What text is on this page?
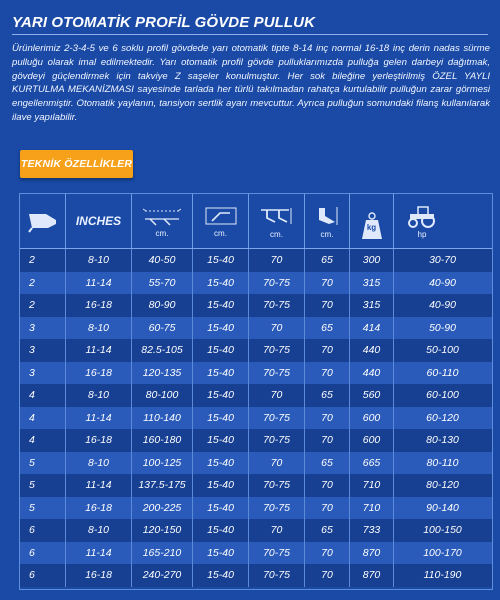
YARI OTOMATİK PROFİL GÖVDE PULLUK
Ürünlerimiz 2-3-4-5 ve 6 soklu profil gövdede yarı otomatik tipte 8-14 inç normal 16-18 inç derin nadas sürme pulluğu olarak imal edilmektedir. Yarı otomatik profil gövde pulluklarımızda pulluğa gelen darbeyi dağıtmak, gövdeyi güçlendirmek için takviye Z saşeler konulmuştur. Her sok bileğine yerleştirilmiş ÖZEL YAYLI KURTULMA MEKANİZMASI sayesinde tarlada her türlü takılmadan rahatça kurtulabilir pulluğun zarar görmesi engellenmiştir. Otomatik yaylanın, tansiyon sertlik ayarı mevcuttur. Ayrıca pulluğun somundaki filanş kullanılarak ilave yapılabilir.
TEKNİK ÖZELLİKLER
INCHES
cm.	cm.	cm.	cm.
kg
hp
2	8-10	40-50	15-40	70	65	300	30-70
2	11-14	55-70	15-40	70-75	70	315	40-90
2	16-18	80-90	15-40	70-75	70	315	40-90
3	8-10	60-75	15-40	70	65	414	50-90
3	11-14	82.5-105	15-40	70-75	70	440	50-100
3	16-18	120-135	15-40	70-75	70	440	60-110
4	8-10	80-100	15-40	70	65	560	60-100
4	11-14	110-140	15-40	70-75	70	600	60-120
4	16-18	160-180	15-40	70-75	70	600	80-130
5	8-10	100-125	15-40	70	65	665	80-110
5	11-14	137.5-175	15-40	70-75	70	710	80-120
5	16-18	200-225	15-40	70-75	70	710	90-140
6	8-10	120-150	15-40	70	65	733	100-150
6	11-14	165-210	15-40	70-75	70	870	100-170
6	16-18	240-270	15-40	70-75	70	870	110-190
